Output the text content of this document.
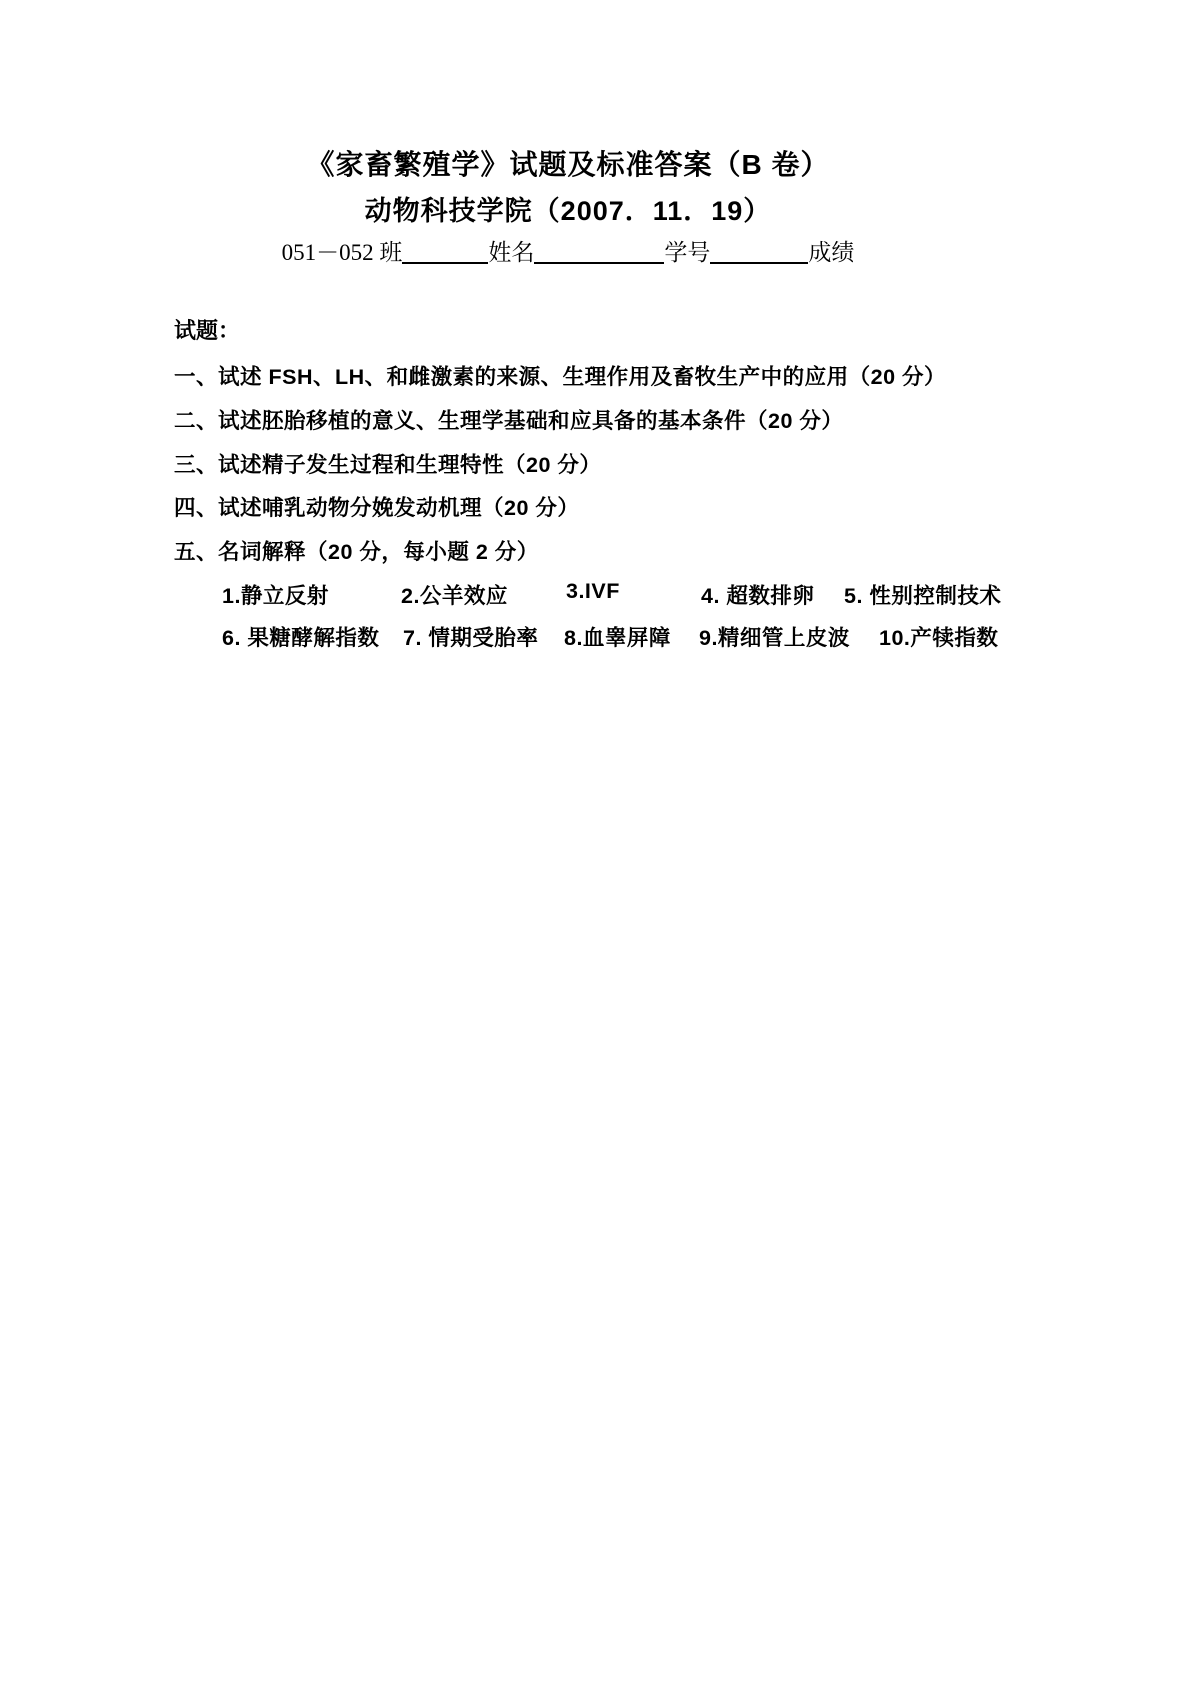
《家畜繁殖学》试题及标准答案（B 卷）
动物科技学院（2007．11．19）
051－052 班	姓名	学号	成绩
试题：
一、试述 FSH、LH、和雌激素的来源、生理作用及畜牧生产中的应用（20 分）
二、试述胚胎移植的意义、生理学基础和应具备的基本条件（20 分）
三、试述精子发生过程和生理特性（20 分）
四、试述哺乳动物分娩发动机理（20 分）
五、名词解释（20 分，每小题 2 分）
1.静立反射	2.公羊效应	3.IVF	4. 超数排卵 5. 性别控制技术
6. 果糖酵解指数 7. 情期受胎率 8.血睾屏障 9.精细管上皮波 10.产犊指数
